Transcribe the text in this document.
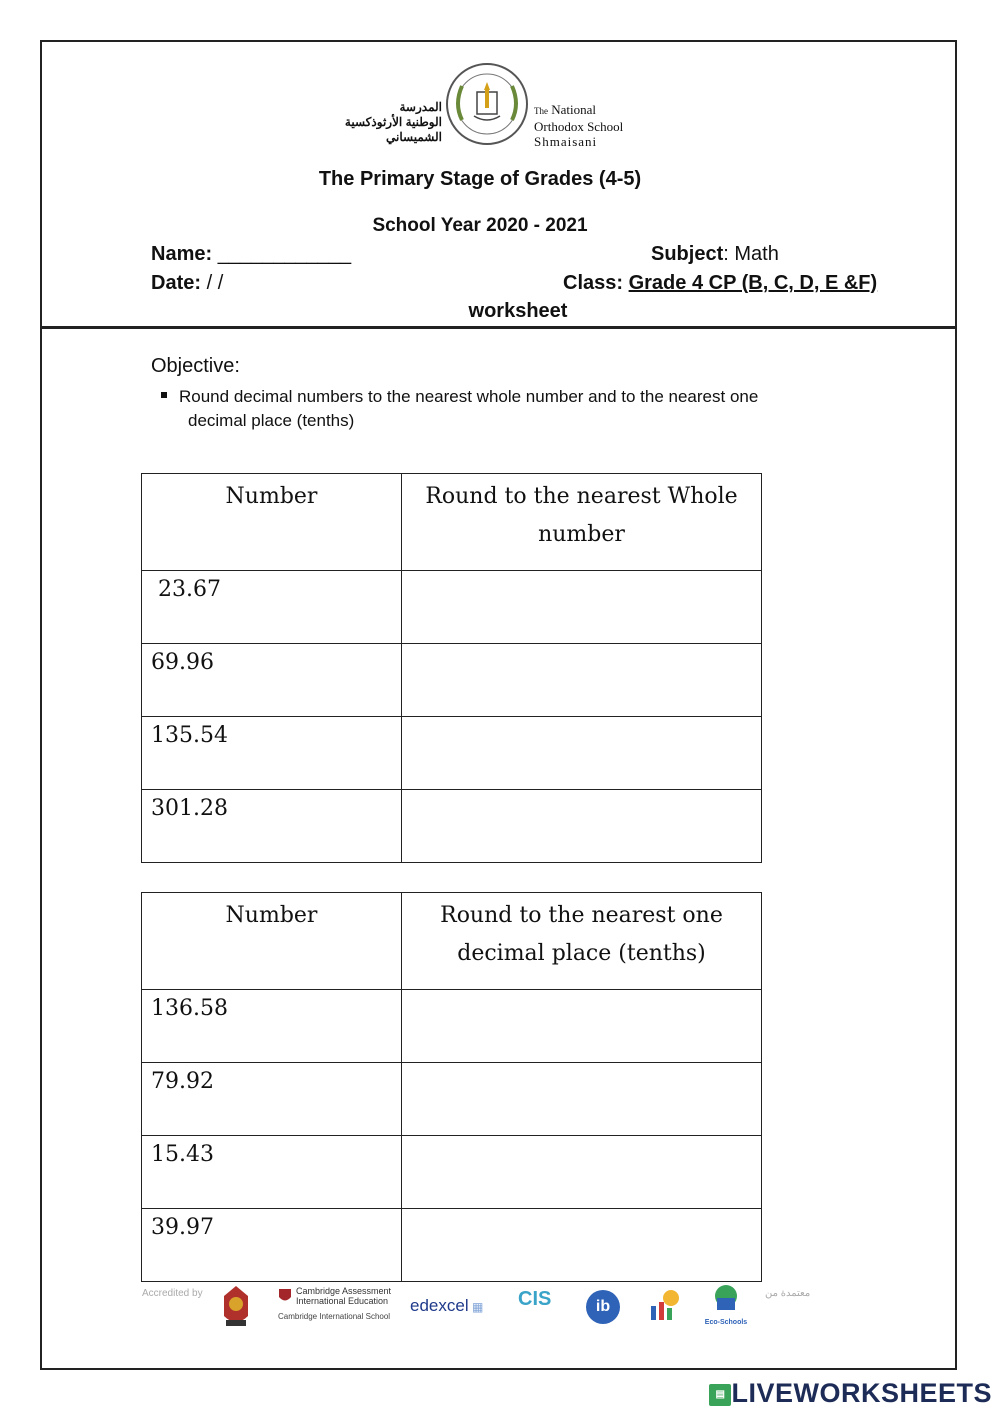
المدرسة
الوطنية الأرثوذكسية
الشميساني
The National
Orthodox School
Shmaisani
The Primary Stage of Grades (4-5)
School Year 2020 - 2021
Name: ____________	Subject: Math
Date: / /	Class: Grade 4 CP (B, C, D, E &F)
worksheet
Objective:
Round decimal numbers to the nearest whole number and to the nearest one
decimal place (tenths)
Number	Round to the nearest Whole
number

23.67	
69.96	
135.54	
301.28	
Number	Round to the nearest one
decimal place (tenths)

136.58	
79.92	
15.43	
39.97	
Accredited by	Cambridge Assessment
International Education
Cambridge International School
edexcel ▦ CIS	ib
Eco-Schools
معتمدة من
▤ LIVEWORKSHEETS
